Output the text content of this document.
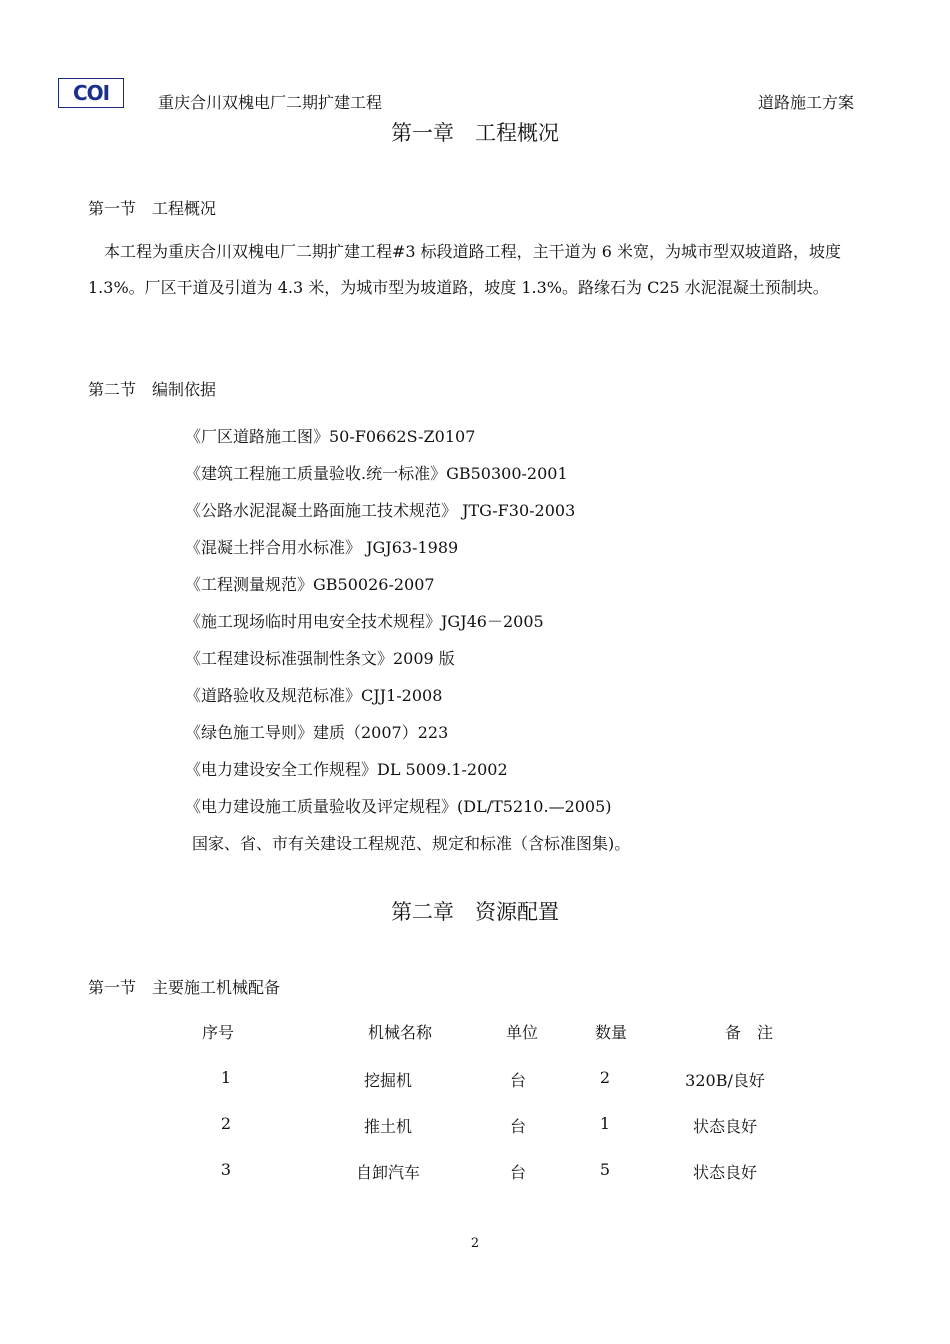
COI	重庆合川双槐电厂二期扩建工程	道路施工方案
第一章　工程概况
第一节　工程概况
本工程为重庆合川双槐电厂二期扩建工程#3 标段道路工程，主干道为 6 米宽，为城市型双坡道路，坡度 1.3%。厂区干道及引道为 4.3 米，为城市型为坡道路，坡度 1.3%。路缘石为 C25 水泥混凝土预制块。
第二节　编制依据
《厂区道路施工图》50-F0662S-Z0107
《建筑工程施工质量验收.统一标准》GB50300-2001
《公路水泥混凝土路面施工技术规范》 JTG-F30-2003
《混凝土拌合用水标准》 JGJ63-1989
《工程测量规范》GB50026-2007
《施工现场临时用电安全技术规程》JGJ46－2005
《工程建设标准强制性条文》2009 版
《道路验收及规范标准》CJJ1-2008
《绿色施工导则》建质（2007）223
《电力建设安全工作规程》DL 5009.1-2002
《电力建设施工质量验收及评定规程》(DL/T5210.—2005)
国家、省、市有关建设工程规范、规定和标准（含标准图集)。
第二章　资源配置
第一节　主要施工机械配备
序号	机械名称	单位	数量	备　注
1	挖掘机	台	2	320B/良好
2	推土机	台	1	状态良好
3	自卸汽车	台	5	状态良好
2
